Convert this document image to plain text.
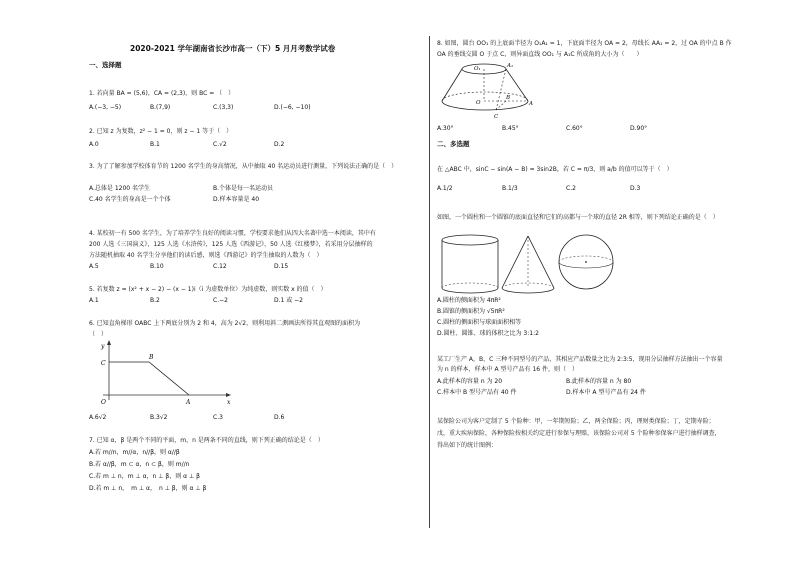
2020-2021 学年湖南省长沙市高一（下）5 月月考数学试卷
一、选择题
1. 若向量 BA = (5,6)，CA = (2,3)，则 BC = （　）
A.(−3, −5)	B.(7,9)	C.(3,3)	D.(−6, −10)
2. 已知 z 为复数，z² − 1 = 0，则 z − 1 等于（　）
A.0	B.1	C.√2	D.2
3. 为了了解参加学校体育节的 1200 名学生的身高情况，从中抽取 40 名运动员进行测量，下列说法正确的是（　）
A.总体是 1200 名学生	B.个体是每一名运动员
C.40 名学生的身高是一个个体	D.样本容量是 40
4. 某校初一有 500 名学生，为了培养学生良好的阅读习惯，学校要求他们从四大名著中选一本阅读，其中有
200 人选《三国演义》，125 人选《水浒传》，125 人选《西游记》，50 人选《红楼梦》，若采用分层抽样的
方法随机抽取 40 名学生分享他们的读后感，则选《西游记》的学生抽取的人数为（　）
A.5	B.10	C.12	D.15
5. 若复数 z = (x² + x − 2) − (x − 1)i（i 为虚数单位）为纯虚数，则实数 x 的值（　）
A.1	B.2	C.−2	D.1 或 −2
6. 已知直角梯形 OABC 上下两底分别为 2 和 4，高为 2√2，则利用斜二测画法所得其直观图的面积为
（　）
y
x
C
B
O	A
A.6√2	B.3√2	C.3	D.6
7. 已知 α，β 是两个不同的平面，m，n 是两条不同的直线，则下列正确的结论是（　）
A.若 m//n，m//α，n//β，则 α//β
B.若 α//β，m ⊂ α，n ⊂ β，则 m//n
C.若 m ⊥ n，m ⊥ α，n ⊥ β，则 α ⊥ β
D.若 m ⊥ n，　m ⊥ α，　n ⊥ β，则 α ⊥ β
8. 如图，圆台 OO₁ 的上底面半径为 O₁A₁ = 1，下底面半径为 OA = 2，母线长 AA₁ = 2，过 OA 的中点 B 作
OA 的垂线交圆 O 于点 C，则异面直线 OO₁ 与 A₁C 所成角的大小为（　　）
O₁	A₁
O
B
A
C
A.30°	B.45°	C.60°	D.90°
二、多选题
在 △ABC 中，sinC − sin(A − B) = 3sin2B，若 C = π/3，则 a/b 的值可以等于（　）
A.1/2	B.1/3	C.2	D.3
如图，一个圆柱和一个圆锥的底面直径和它们的高都与一个球的直径 2R 相等，则下列结论正确的是（　）
A.圆柱的侧面积为 4πR²
B.圆锥的侧面积为 √5πR²
C.圆柱的侧面积与球面面积相等
D.圆柱、圆锥、球的体积之比为 3:1:2
某工厂生产 A，B，C 三种不同型号的产品，其相应产品数量之比为 2:3:5，现用分层抽样方法抽出一个容量
为 n 的样本，样本中 A 型号产品有 16 件，则（　）
A.此样本的容量 n 为 20	B.此样本的容量 n 为 80
C.样本中 B 型号产品有 40 件	D.样本中 A 型号产品有 24 件
某保险公司为客户定制了 5 个险种：甲，一年期短险；乙，两全保险；丙，理财类保险；丁，定期寿险；
戊，重大疾病保险，各种保险按相关约定进行参保与理赔，该保险公司对 5 个险种参保客户进行抽样调查，
得出如下的统计图例：
